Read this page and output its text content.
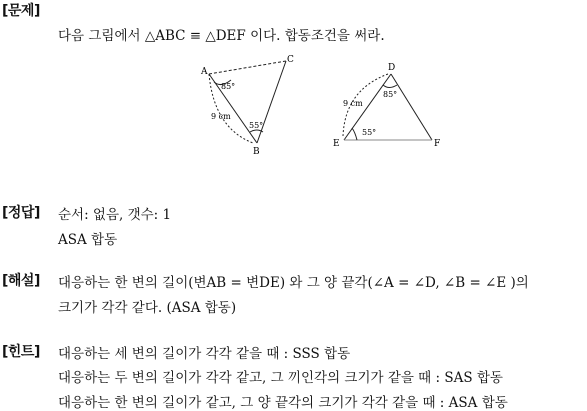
[문제]
다음 그림에서 △ABC ≡ △DEF 이다. 합동조건을 써라.
A
B
C
85°
55°
9 cm
D
E	F
85°
55°
9 cm
[정답] 순서: 없음, 갯수: 1
ASA 합동
[해설] 대응하는 한 변의 길이(변AB = 변DE) 와 그 양 끝각(∠A = ∠D, ∠B = ∠E )의
크기가 각각 같다. (ASA 합동)
[힌트] 대응하는 세 변의 길이가 각각 같을 때 : SSS 합동
대응하는 두 변의 길이가 각각 같고, 그 끼인각의 크기가 같을 때 : SAS 합동
대응하는 한 변의 길이가 같고, 그 양 끝각의 크기가 각각 같을 때 : ASA 합동
